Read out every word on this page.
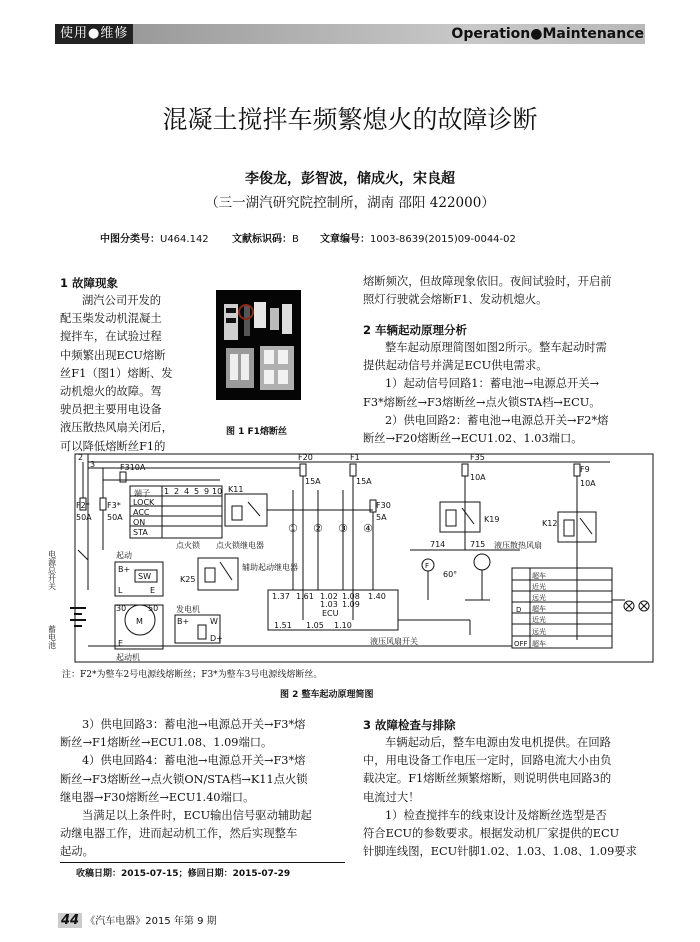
使用●维修	Operation●Maintenance
混凝土搅拌车频繁熄火的故障诊断
李俊龙，彭智波，储成火，宋良超
（三一湖汽研究院控制所，湖南 邵阳 422000）
中图分类号：U464.142 文献标识码：B 文章编号：1003-8639(2015)09-0044-02
1 故障现象
湖汽公司开发的
配玉柴发动机混凝土
搅拌车，在试验过程
中频繁出现ECU熔断
丝F1（图1）熔断、发
动机熄火的故障。驾
驶员把主要用电设备
液压散热风扇关闭后，
可以降低熔断丝F1的
图 1 F1熔断丝
熔断频次，但故障现象依旧。夜间试验时，开启前
照灯行驶就会熔断F1、发动机熄火。
2 车辆起动原理分析
整车起动原理简图如图2所示。整车起动时需
提供起动信号并满足ECU供电需求。
1）起动信号回路1：蓄电池→电源总开关→
F3*熔断丝→F3熔断丝→点火锁STA档→ECU。
2）供电回路2：蓄电池→电源总开关→F2*熔
断丝→F20熔断丝→ECU1.02、1.03端口。
2
3	F310A
F20
15A
F1
15A
F35
10A
F9
10A
F2*
50A
F3*
50A
F30
5A
K11
K19	K12
K25
① ② ③ ④
714	715
60°
电源总开关
蓄电池
起动
起动机
辅助起动继电器
点火锁 点火锁继电器
发电机	ECU
液压散热风扇
液压风扇开关
端子
LOCK
ACC
ON
STA
1 2 4 5 9 10
B+
SW
L	E
30	50
M
E
B+	W
D+
F
1.37 1.61 1.02 1.08 1.40
1.03 1.09
1.51 1.05 1.10
超车
近光
远光
超车
近光
远光
超车
OFF
D
注：F2*为整车2号电源线熔断丝；F3*为整车3号电源线熔断丝。
图 2 整车起动原理简图
3）供电回路3：蓄电池→电源总开关→F3*熔
断丝→F1熔断丝→ECU1.08、1.09端口。
4）供电回路4：蓄电池→电源总开关→F3*熔
断丝→F3熔断丝→点火锁ON/STA档→K11点火锁
继电器→F30熔断丝→ECU1.40端口。
当满足以上条件时，ECU输出信号驱动辅助起
动继电器工作，进而起动机工作，然后实现整车
起动。
收稿日期：2015-07-15；修回日期：2015-07-29
3 故障检查与排除
车辆起动后，整车电源由发电机提供。在回路
中，用电设备工作电压一定时，回路电流大小由负
载决定。F1熔断丝频繁熔断，则说明供电回路3的
电流过大！
1）检查搅拌车的线束设计及熔断丝选型是否
符合ECU的参数要求。根据发动机厂家提供的ECU
针脚连线图，ECU针脚1.02、1.03、1.08、1.09要求
44 《汽车电器》2015 年第 9 期
